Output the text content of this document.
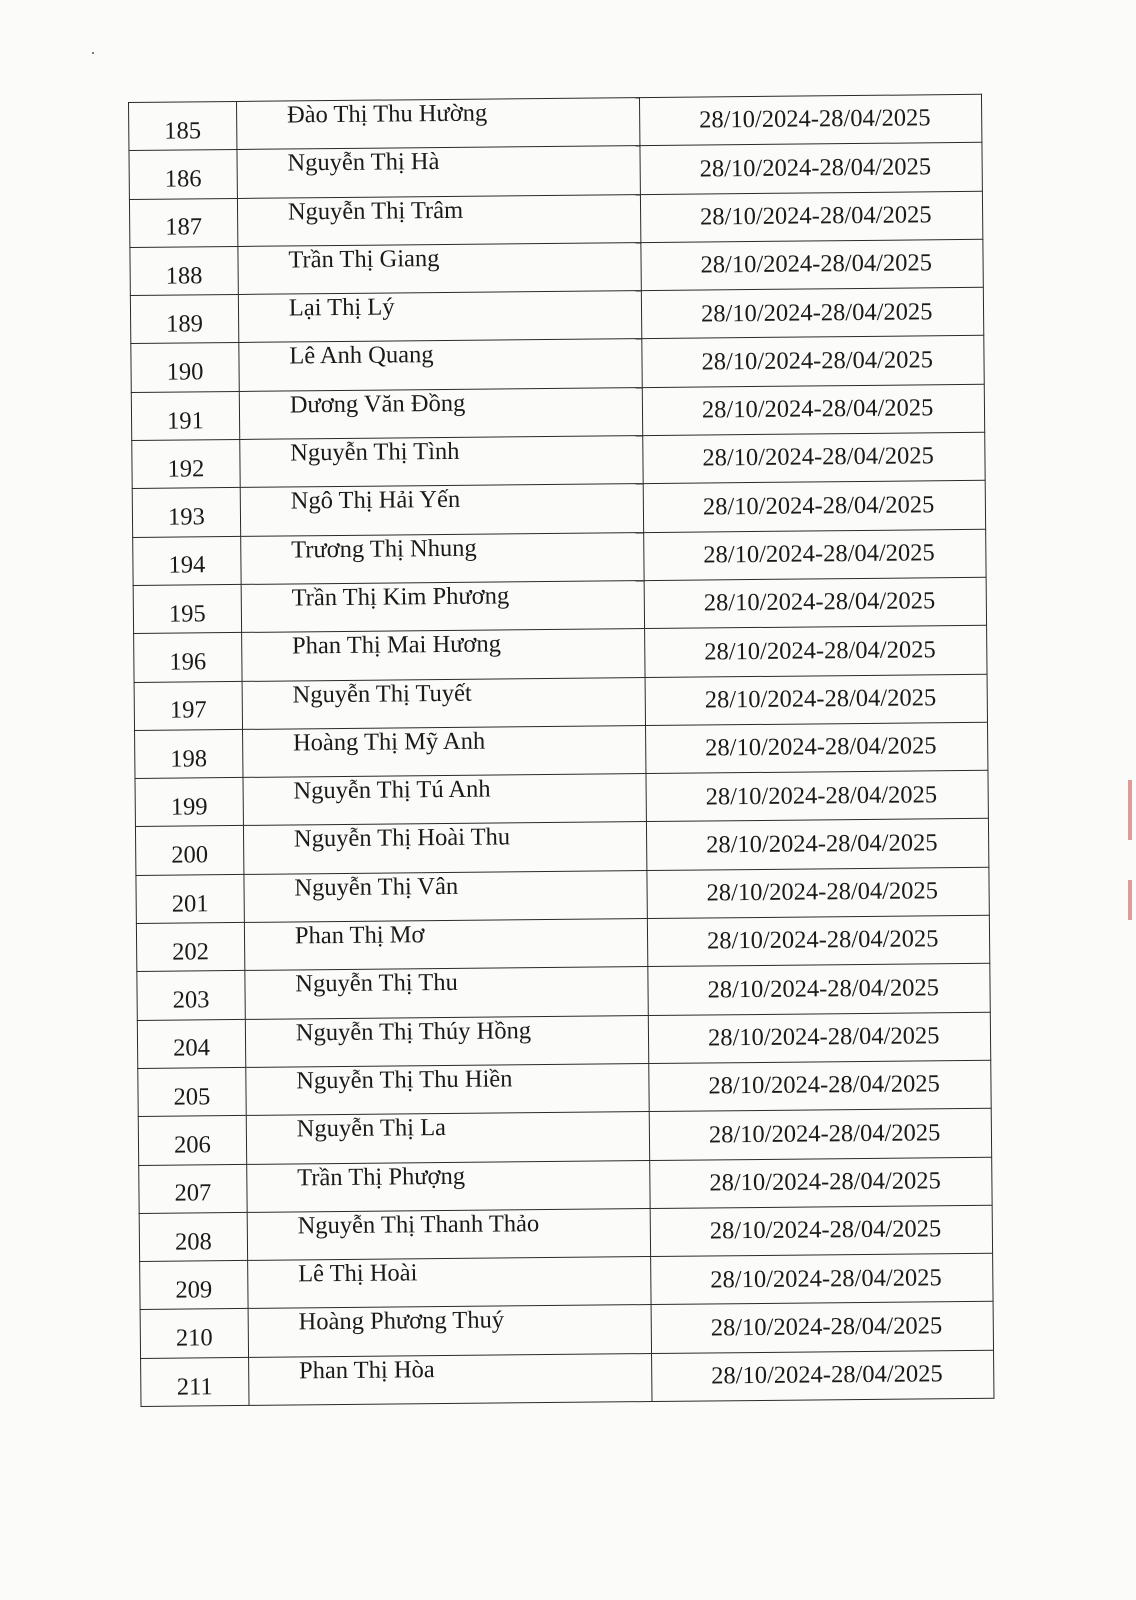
185	Đào Thị Thu Hường	28/10/2024-28/04/2025
186	Nguyễn Thị Hà	28/10/2024-28/04/2025
187	Nguyễn Thị Trâm	28/10/2024-28/04/2025
188	Trần Thị Giang	28/10/2024-28/04/2025
189	Lại Thị Lý	28/10/2024-28/04/2025
190	Lê Anh Quang	28/10/2024-28/04/2025
191	Dương Văn Đồng	28/10/2024-28/04/2025
192	Nguyễn Thị Tình	28/10/2024-28/04/2025
193	Ngô Thị Hải Yến	28/10/2024-28/04/2025
194	Trương Thị Nhung	28/10/2024-28/04/2025
195	Trần Thị Kim Phương	28/10/2024-28/04/2025
196	Phan Thị Mai Hương	28/10/2024-28/04/2025
197	Nguyễn Thị Tuyết	28/10/2024-28/04/2025
198	Hoàng Thị Mỹ Anh	28/10/2024-28/04/2025
199	Nguyễn Thị Tú Anh	28/10/2024-28/04/2025
200	Nguyễn Thị Hoài Thu	28/10/2024-28/04/2025
201	Nguyễn Thị Vân	28/10/2024-28/04/2025
202	Phan Thị Mơ	28/10/2024-28/04/2025
203	Nguyễn Thị Thu	28/10/2024-28/04/2025
204	Nguyễn Thị Thúy Hồng	28/10/2024-28/04/2025
205	Nguyễn Thị Thu Hiền	28/10/2024-28/04/2025
206	Nguyễn Thị La	28/10/2024-28/04/2025
207	Trần Thị Phượng	28/10/2024-28/04/2025
208	Nguyễn Thị Thanh Thảo	28/10/2024-28/04/2025
209	Lê Thị Hoài	28/10/2024-28/04/2025
210	Hoàng Phương Thuý	28/10/2024-28/04/2025
211	Phan Thị Hòa	28/10/2024-28/04/2025
